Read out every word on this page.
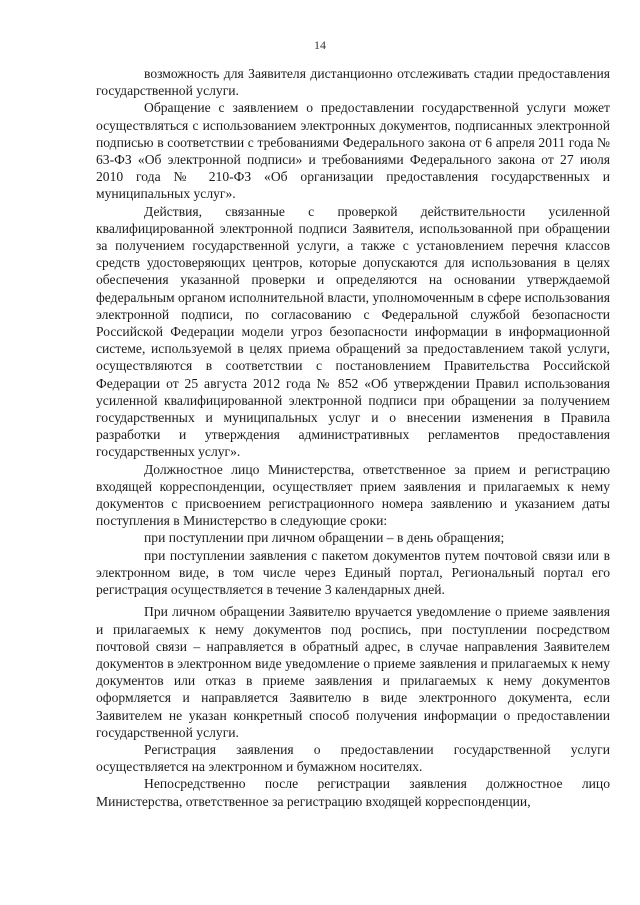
14

возможность для Заявителя дистанционно отслеживать стадии предоставления государственной услуги.

Обращение с заявлением о предоставлении государственной услуги может осуществляться с использованием электронных документов, подписанных электронной подписью в соответствии с требованиями Федерального закона от 6 апреля 2011 года № 63-ФЗ «Об электронной подписи» и требованиями Федерального закона от 27 июля 2010 года № 210-ФЗ «Об организации предоставления государственных и муниципальных услуг».

Действия, связанные с проверкой действительности усиленной квалифицированной электронной подписи Заявителя, использованной при обращении за получением государственной услуги, а также с установлением перечня классов средств удостоверяющих центров, которые допускаются для использования в целях обеспечения указанной проверки и определяются на основании утверждаемой федеральным органом исполнительной власти, уполномоченным в сфере использования электронной подписи, по согласованию с Федеральной службой безопасности Российской Федерации модели угроз безопасности информации в информационной системе, используемой в целях приема обращений за предоставлением такой услуги, осуществляются в соответствии с постановлением Правительства Российской Федерации от 25 августа 2012 года № 852 «Об утверждении Правил использования усиленной квалифицированной электронной подписи при обращении за получением государственных и муниципальных услуг и о внесении изменения в Правила разработки и утверждения административных регламентов предоставления государственных услуг».

Должностное лицо Министерства, ответственное за прием и регистрацию входящей корреспонденции, осуществляет прием заявления и прилагаемых к нему документов с присвоением регистрационного номера заявлению и указанием даты поступления в Министерство в следующие сроки:

при поступлении при личном обращении – в день обращения;

при поступлении заявления с пакетом документов путем почтовой связи или в электронном виде, в том числе через Единый портал, Региональный портал его регистрация осуществляется в течение 3 календарных дней.

При личном обращении Заявителю вручается уведомление о приеме заявления и прилагаемых к нему документов под роспись, при поступлении посредством почтовой связи – направляется в обратный адрес, в случае направления Заявителем документов в электронном виде уведомление о приеме заявления и прилагаемых к нему документов или отказ в приеме заявления и прилагаемых к нему документов оформляется и направляется Заявителю в виде электронного документа, если Заявителем не указан конкретный способ получения информации о предоставлении государственной услуги.

Регистрация заявления о предоставлении государственной услуги осуществляется на электронном и бумажном носителях.

Непосредственно после регистрации заявления должностное лицо Министерства, ответственное за регистрацию входящей корреспонденции,
